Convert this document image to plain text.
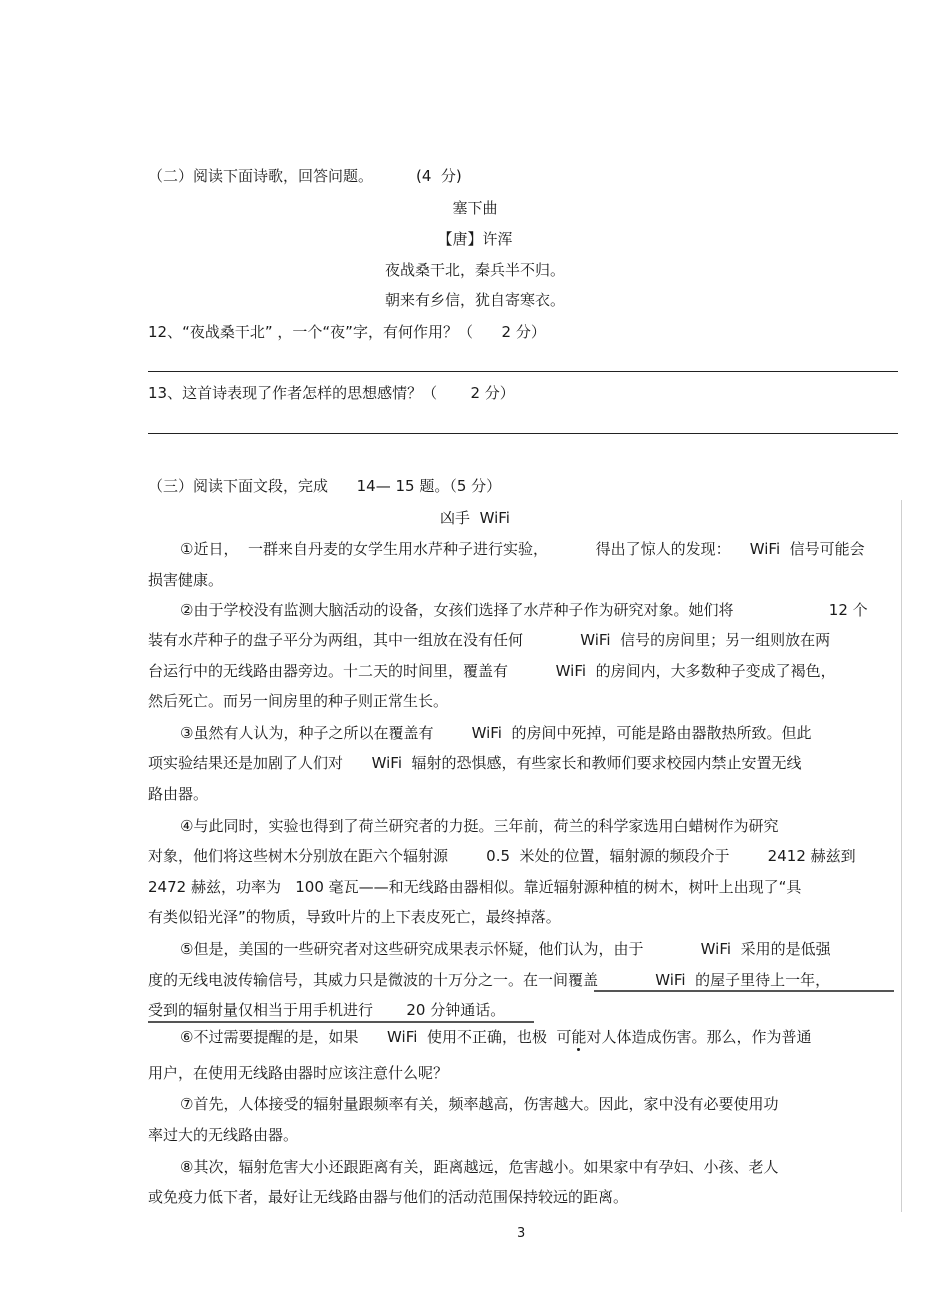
（二）阅读下面诗歌，回答问题。	(4  分)
塞下曲
【唐】许浑
夜战桑干北，秦兵半不归。
朝来有乡信，犹自寄寒衣。
12、“夜战桑干北” ，一个“夜”字，有何作用？（      2 分）
13、这首诗表现了作者怎样的思想感情？（       2 分）
（三）阅读下面文段，完成      14— 15 题。（5 分）
凶手  WiFi
①近日，  一群来自丹麦的女学生用水芹种子进行实验，          得出了惊人的发现：    WiFi  信号可能会
损害健康。
②由于学校没有监测大脑活动的设备，女孩们选择了水芹种子作为研究对象。她们将                    12 个
装有水芹种子的盘子平分为两组，其中一组放在没有任何            WiFi  信号的房间里；另一组则放在两
台运行中的无线路由器旁边。十二天的时间里，覆盖有          WiFi  的房间内，大多数种子变成了褐色，
然后死亡。而另一间房里的种子则正常生长。
③虽然有人认为，种子之所以在覆盖有        WiFi  的房间中死掉，可能是路由器散热所致。但此
项实验结果还是加剧了人们对      WiFi  辐射的恐惧感，有些家长和教师们要求校园内禁止安置无线
路由器。
④与此同时，实验也得到了荷兰研究者的力挺。三年前，荷兰的科学家选用白蜡树作为研究
对象，他们将这些树木分别放在距六个辐射源        0.5  米处的位置，辐射源的频段介于        2412 赫兹到
2472 赫兹，功率为   100 毫瓦——和无线路由器相似。靠近辐射源种植的树木，树叶上出现了“具
有类似铅光泽”的物质，导致叶片的上下表皮死亡，最终掉落。
⑤但是，美国的一些研究者对这些研究成果表示怀疑，他们认为，由于            WiFi  采用的是低强
度的无线电波传输信号，其威力只是微波的十万分之一。在一间覆盖            WiFi  的屋子里待上一年，
受到的辐射量仅相当于用手机进行       20 分钟通话。
⑥不过需要提醒的是，如果      WiFi  使用不正确，也极  可能对人体造成伤害。那么，作为普通
用户，在使用无线路由器时应该注意什么呢？
⑦首先，人体接受的辐射量跟频率有关，频率越高，伤害越大。因此，家中没有必要使用功
率过大的无线路由器。
⑧其次，辐射危害大小还跟距离有关，距离越远，危害越小。如果家中有孕妇、小孩、老人
或免疫力低下者，最好让无线路由器与他们的活动范围保持较远的距离。
3
